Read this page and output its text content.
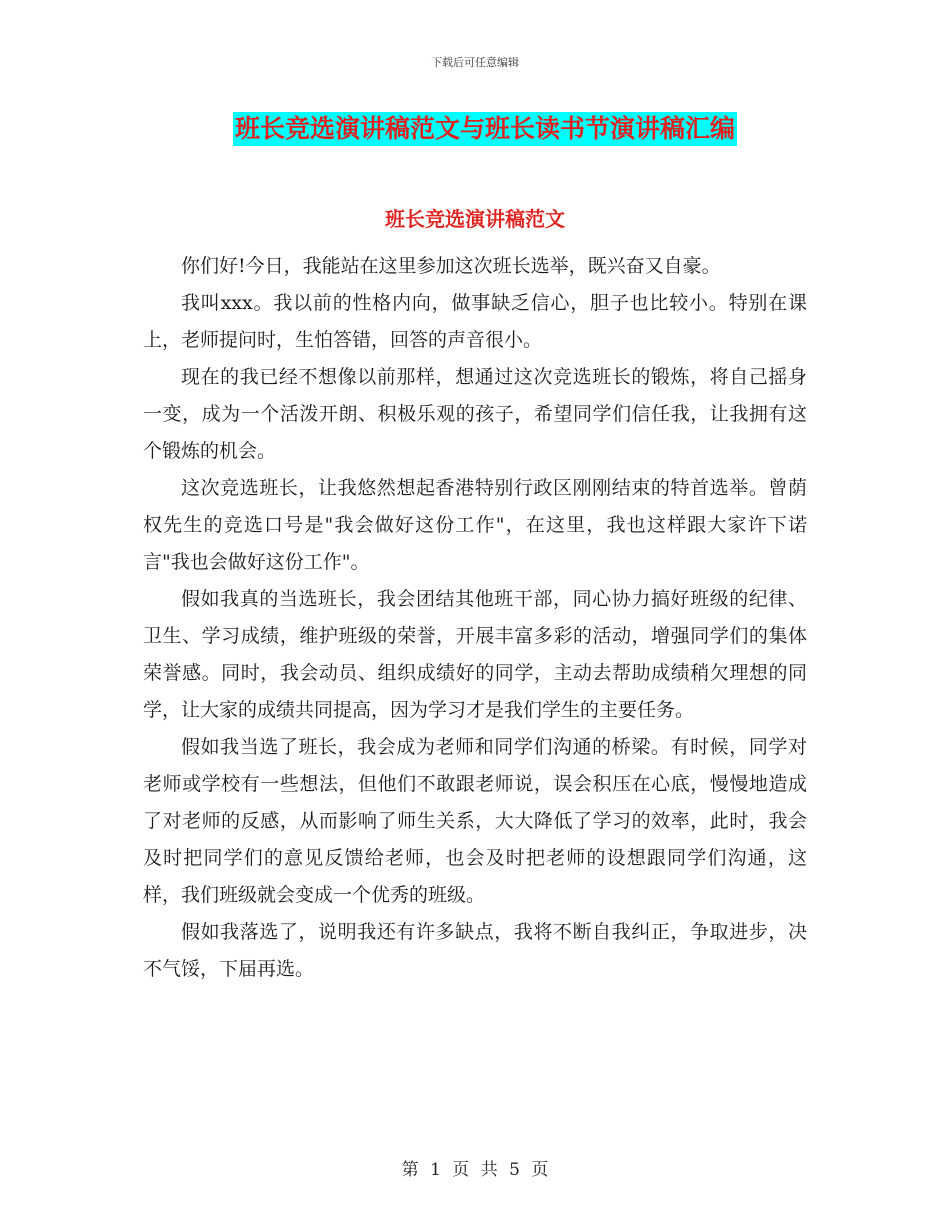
下载后可任意编辑
班长竞选演讲稿范文与班长读书节演讲稿汇编
班长竞选演讲稿范文

你们好!今日，我能站在这里参加这次班长选举，既兴奋又自豪。

我叫xxx。我以前的性格内向，做事缺乏信心，胆子也比较小。特别在课上，老师提问时，生怕答错，回答的声音很小。

现在的我已经不想像以前那样，想通过这次竞选班长的锻炼，将自己摇身一变，成为一个活泼开朗、积极乐观的孩子，希望同学们信任我，让我拥有这个锻炼的机会。

这次竞选班长，让我悠然想起香港特别行政区刚刚结束的特首选举。曾荫权先生的竞选口号是"我会做好这份工作"，在这里，我也这样跟大家许下诺言"我也会做好这份工作"。

假如我真的当选班长，我会团结其他班干部，同心协力搞好班级的纪律、卫生、学习成绩，维护班级的荣誉，开展丰富多彩的活动，增强同学们的集体荣誉感。同时，我会动员、组织成绩好的同学，主动去帮助成绩稍欠理想的同学，让大家的成绩共同提高，因为学习才是我们学生的主要任务。

假如我当选了班长，我会成为老师和同学们沟通的桥梁。有时候，同学对老师或学校有一些想法，但他们不敢跟老师说，误会积压在心底，慢慢地造成了对老师的反感，从而影响了师生关系，大大降低了学习的效率，此时，我会及时把同学们的意见反馈给老师，也会及时把老师的设想跟同学们沟通，这样，我们班级就会变成一个优秀的班级。

假如我落选了，说明我还有许多缺点，我将不断自我纠正，争取进步，决不气馁，下届再选。

第 1 页 共 5 页
